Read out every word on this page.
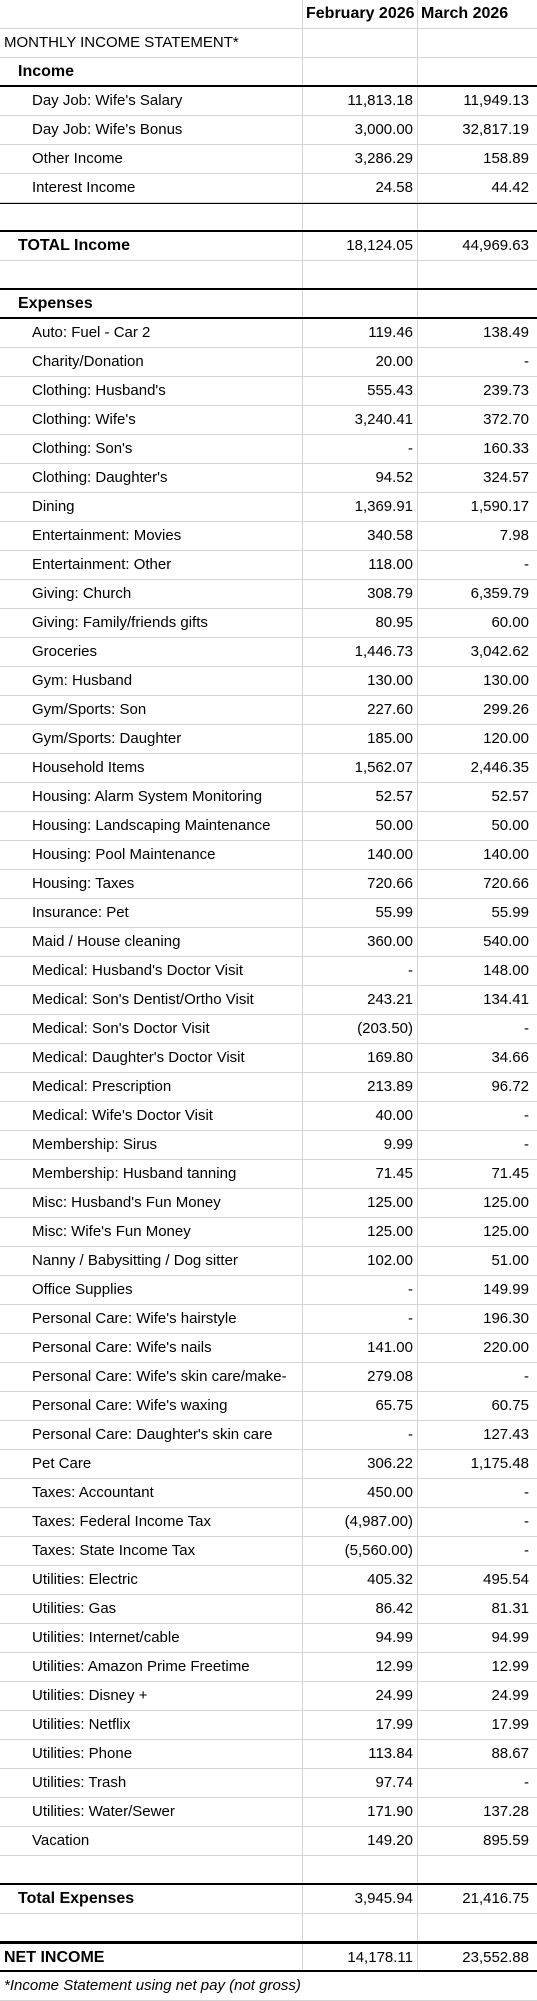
February 2026 March 2026
MONTHLY INCOME STATEMENT*
Income
Day Job: Wife's Salary	11,813.18	11,949.13
Day Job: Wife's Bonus	3,000.00	32,817.19
Other Income	3,286.29	158.89
Interest Income	24.58	44.42
TOTAL Income	18,124.05	44,969.63
Expenses
Auto: Fuel - Car 2	119.46	138.49
Charity/Donation	20.00	-
Clothing: Husband's	555.43	239.73
Clothing: Wife's	3,240.41	372.70
Clothing: Son's	-	160.33
Clothing: Daughter's	94.52	324.57
Dining	1,369.91	1,590.17
Entertainment: Movies	340.58	7.98
Entertainment: Other	118.00	-
Giving: Church	308.79	6,359.79
Giving: Family/friends gifts	80.95	60.00
Groceries	1,446.73	3,042.62
Gym: Husband	130.00	130.00
Gym/Sports: Son	227.60	299.26
Gym/Sports: Daughter	185.00	120.00
Household Items	1,562.07	2,446.35
Housing: Alarm System Monitoring	52.57	52.57
Housing: Landscaping Maintenance	50.00	50.00
Housing: Pool Maintenance	140.00	140.00
Housing: Taxes	720.66	720.66
Insurance: Pet	55.99	55.99
Maid / House cleaning	360.00	540.00
Medical: Husband's Doctor Visit	-	148.00
Medical: Son's Dentist/Ortho Visit	243.21	134.41
Medical: Son's Doctor Visit	(203.50)	-
Medical: Daughter's Doctor Visit	169.80	34.66
Medical: Prescription	213.89	96.72
Medical: Wife's Doctor Visit	40.00	-
Membership: Sirus	9.99	-
Membership: Husband tanning	71.45	71.45
Misc: Husband's Fun Money	125.00	125.00
Misc: Wife's Fun Money	125.00	125.00
Nanny / Babysitting / Dog sitter	102.00	51.00
Office Supplies	-	149.99
Personal Care: Wife's hairstyle	-	196.30
Personal Care: Wife's nails	141.00	220.00
Personal Care: Wife's skin care/make-	279.08	-
Personal Care: Wife's waxing	65.75	60.75
Personal Care: Daughter's skin care	-	127.43
Pet Care	306.22	1,175.48
Taxes: Accountant	450.00	-
Taxes: Federal Income Tax	(4,987.00)	-
Taxes: State Income Tax	(5,560.00)	-
Utilities: Electric	405.32	495.54
Utilities: Gas	86.42	81.31
Utilities: Internet/cable	94.99	94.99
Utilities: Amazon Prime Freetime	12.99	12.99
Utilities: Disney +	24.99	24.99
Utilities: Netflix	17.99	17.99
Utilities: Phone	113.84	88.67
Utilities: Trash	97.74	-
Utilities: Water/Sewer	171.90	137.28
Vacation	149.20	895.59
Total Expenses	3,945.94	21,416.75
NET INCOME	14,178.11	23,552.88
*Income Statement using net pay (not gross)
